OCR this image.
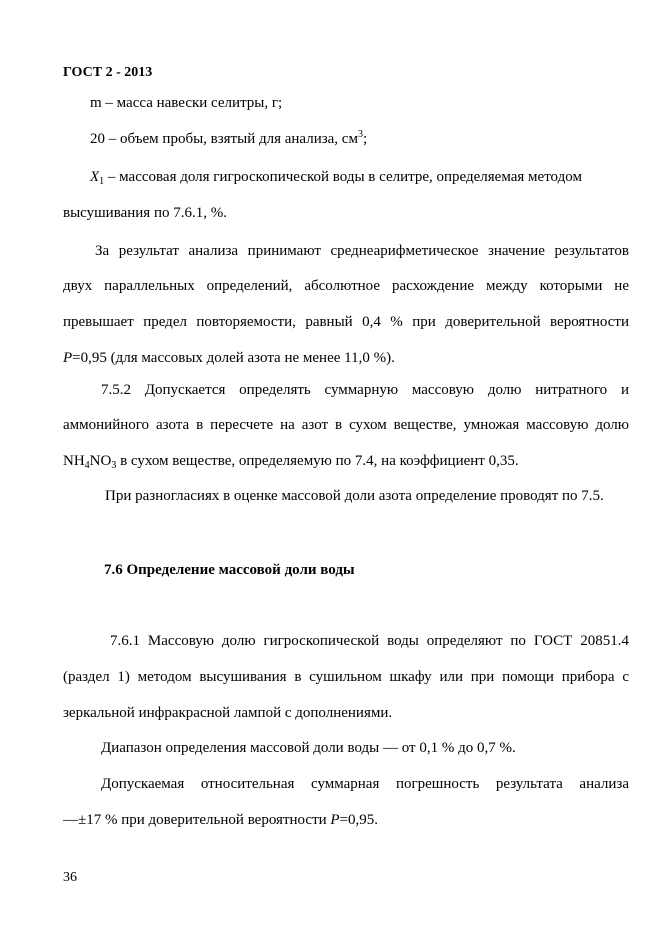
ГОСТ 2 - 2013
m – масса навески селитры, г;
20 – объем пробы, взятый для анализа, $см^3$;
$X_1$ – массовая доля гигроскопической воды в селитре, определяемая методом
высушивания по 7.6.1, %.
За результат анализа принимают среднеарифметическое значение результатов
двух параллельных определений, абсолютное расхождение между которыми не
превышает предел повторяемости, равный 0,4 % при доверительной вероятности
P=0,95 (для массовых долей азота не менее 11,0 %).
7.5.2 Допускается определять суммарную массовую долю нитратного и
аммонийного азота в пересчете на азот в сухом веществе, умножая массовую долю
$NH_4NO_3$ в сухом веществе, определяемую по 7.4, на коэффициент 0,35.
При разногласиях в оценке массовой доли азота определение проводят по 7.5.
7.6 Определение массовой доли воды
7.6.1 Массовую долю гигроскопической воды определяют по ГОСТ 20851.4
(раздел 1) методом высушивания в сушильном шкафу или при помощи прибора с
зеркальной инфракрасной лампой с дополнениями.
Диапазон определения массовой доли воды — от 0,1 % до 0,7 %.
Допускаемая относительная суммарная погрешность результата анализа
—±17 % при доверительной вероятности P=0,95.
36
